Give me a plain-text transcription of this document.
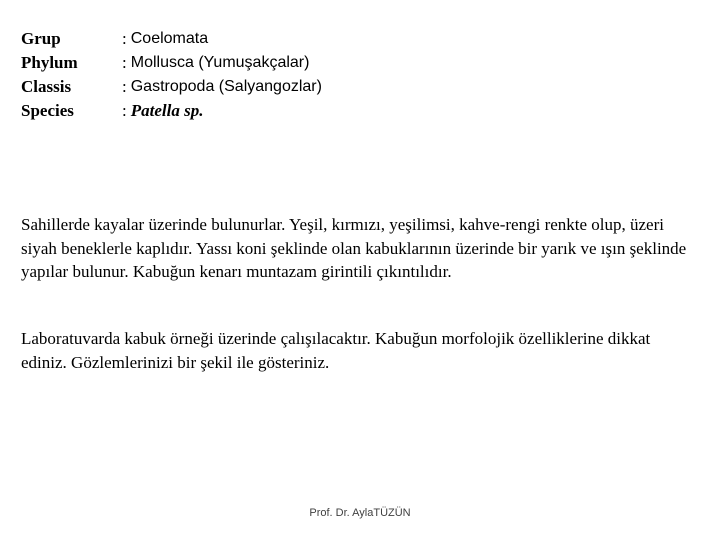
Grup	: Coelomata
Phylum	: Mollusca (Yumuşakçalar)
Classis	: Gastropoda (Salyangozlar)
Species	: Patella sp.

Sahillerde kayalar üzerinde bulunurlar. Yeşil, kırmızı, yeşilimsi, kahve-rengi renkte olup, üzeri siyah beneklerle kaplıdır. Yassı koni şeklinde olan kabuklarının üzerinde bir yarık ve ışın şeklinde yapılar bulunur. Kabuğun kenarı muntazam girintili çıkıntılıdır.

Laboratuvarda kabuk örneği üzerinde çalışılacaktır. Kabuğun morfolojik özelliklerine dikkat ediniz. Gözlemlerinizi bir şekil ile gösteriniz.

Prof. Dr. AylaTÜZÜN
